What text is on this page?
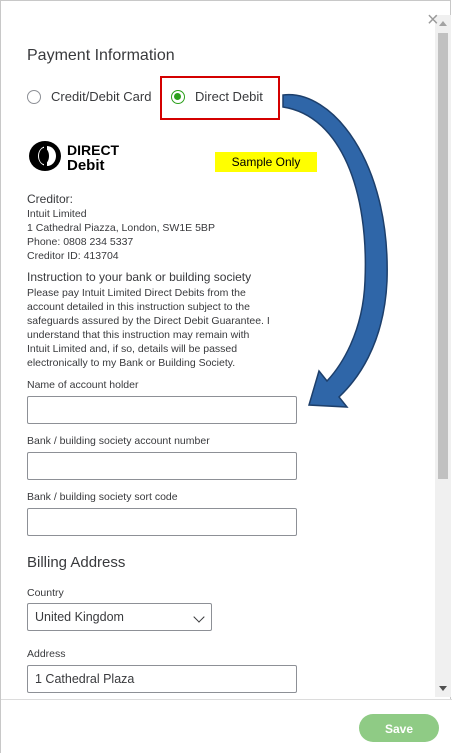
Payment Information
Credit/Debit Card	Direct Debit
DIRECT
Debit	Sample Only
Creditor:
Intuit Limited
1 Cathedral Piazza, London, SW1E 5BP
Phone: 0808 234 5337
Creditor ID: 413704
Instruction to your bank or building society
Please pay Intuit Limited Direct Debits from the
account detailed in this instruction subject to the
safeguards assured by the Direct Debit Guarantee. I
understand that this instruction may remain with
Intuit Limited and, if so, details will be passed
electronically to my Bank or Building Society.
Name of account holder
Bank / building society account number
Bank / building society sort code
Billing Address
Country
United Kingdom
Address
1 Cathedral Plaza
×
Save
